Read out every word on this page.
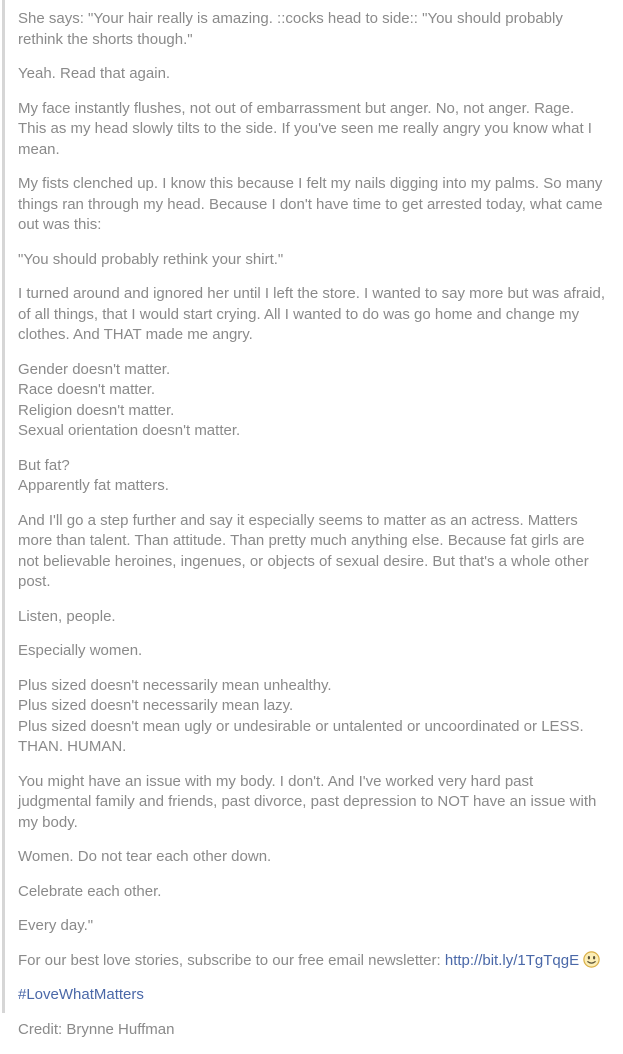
She says: "Your hair really is amazing. ::cocks head to side:: "You should probably rethink the shorts though."

Yeah. Read that again.

My face instantly flushes, not out of embarrassment but anger. No, not anger. Rage. This as my head slowly tilts to the side. If you've seen me really angry you know what I mean.

My fists clenched up. I know this because I felt my nails digging into my palms. So many things ran through my head. Because I don't have time to get arrested today, what came out was this:

"You should probably rethink your shirt."

I turned around and ignored her until I left the store. I wanted to say more but was afraid, of all things, that I would start crying. All I wanted to do was go home and change my clothes. And THAT made me angry.

Gender doesn't matter.
Race doesn't matter.
Religion doesn't matter.
Sexual orientation doesn't matter.

But fat?
Apparently fat matters.

And I'll go a step further and say it especially seems to matter as an actress. Matters more than talent. Than attitude. Than pretty much anything else. Because fat girls are not believable heroines, ingenues, or objects of sexual desire. But that's a whole other post.

Listen, people.

Especially women.

Plus sized doesn't necessarily mean unhealthy.
Plus sized doesn't necessarily mean lazy.
Plus sized doesn't mean ugly or undesirable or untalented or uncoordinated or LESS. THAN. HUMAN.

You might have an issue with my body. I don't. And I've worked very hard past judgmental family and friends, past divorce, past depression to NOT have an issue with my body.

Women. Do not tear each other down.

Celebrate each other.

Every day."

For our best love stories, subscribe to our free email newsletter: http://bit.ly/1TgTqgE

#LoveWhatMatters

Credit: Brynne Huffman
